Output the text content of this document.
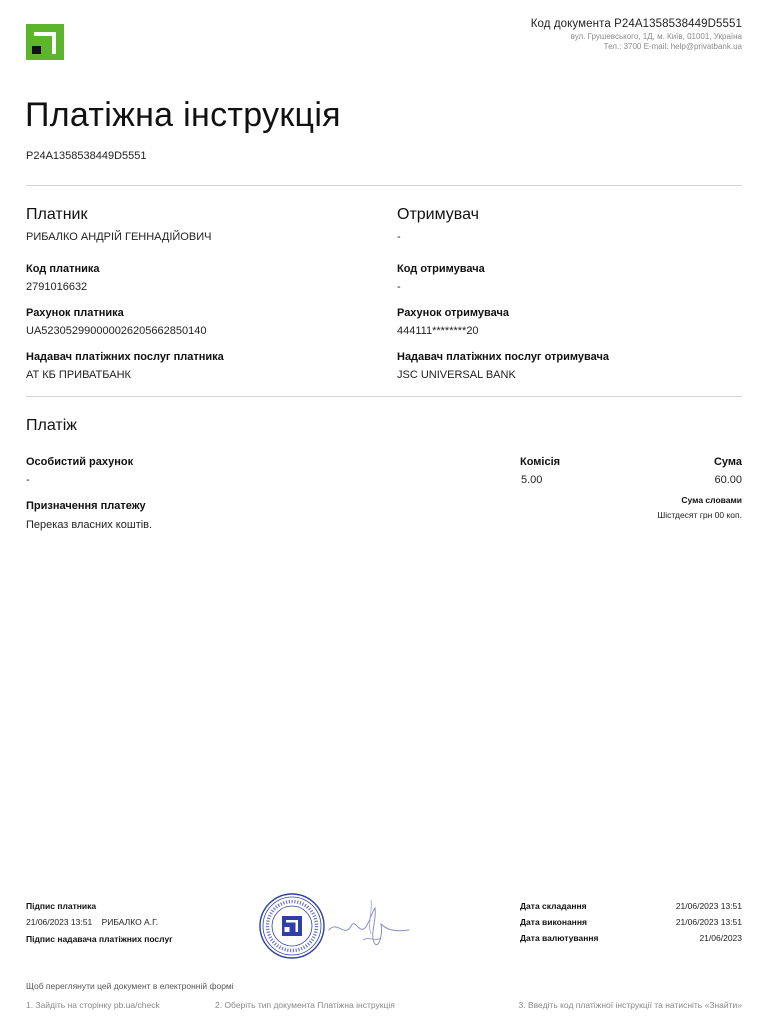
Код документа P24A1358538449D5551
вул. Грушевського, 1Д, м. Київ, 01001, Україна
Тел.: 3700 E-mail: help@privatbank.ua
Платіжна інструкція
P24A1358538449D5551
Платник
РИБАЛКО АНДРІЙ ГЕННАДІЙОВИЧ
Код платника
2791016632
Рахунок платника
UA523052990000026205662850140
Надавач платіжних послуг платника
АТ КБ ПРИВАТБАНК
Отримувач
-
Код отримувача
-
Рахунок отримувача
444111********20
Надавач платіжних послуг отримувача
JSC UNIVERSAL BANK
Платіж
Особистий рахунок
-
Комісія
5.00
Сума
60.00
Призначення платежу
Переказ власних коштів.
Сума словами
Шістдесят грн 00 коп.
Підпис платника
21/06/2023 13:51    РИБАЛКО А.Г.
Підпис надавача платіжних послуг
Дата складання	21/06/2023 13:51
Дата виконання	21/06/2023 13:51
Дата валютування	21/06/2023
Щоб переглянути цей документ в електронній формі
1. Зайдіть на сторінку pb.ua/check	2. Оберіть тип документа Платіжна інструкція	3. Введіть код платіжної інструкції та натисніть «Знайти»
